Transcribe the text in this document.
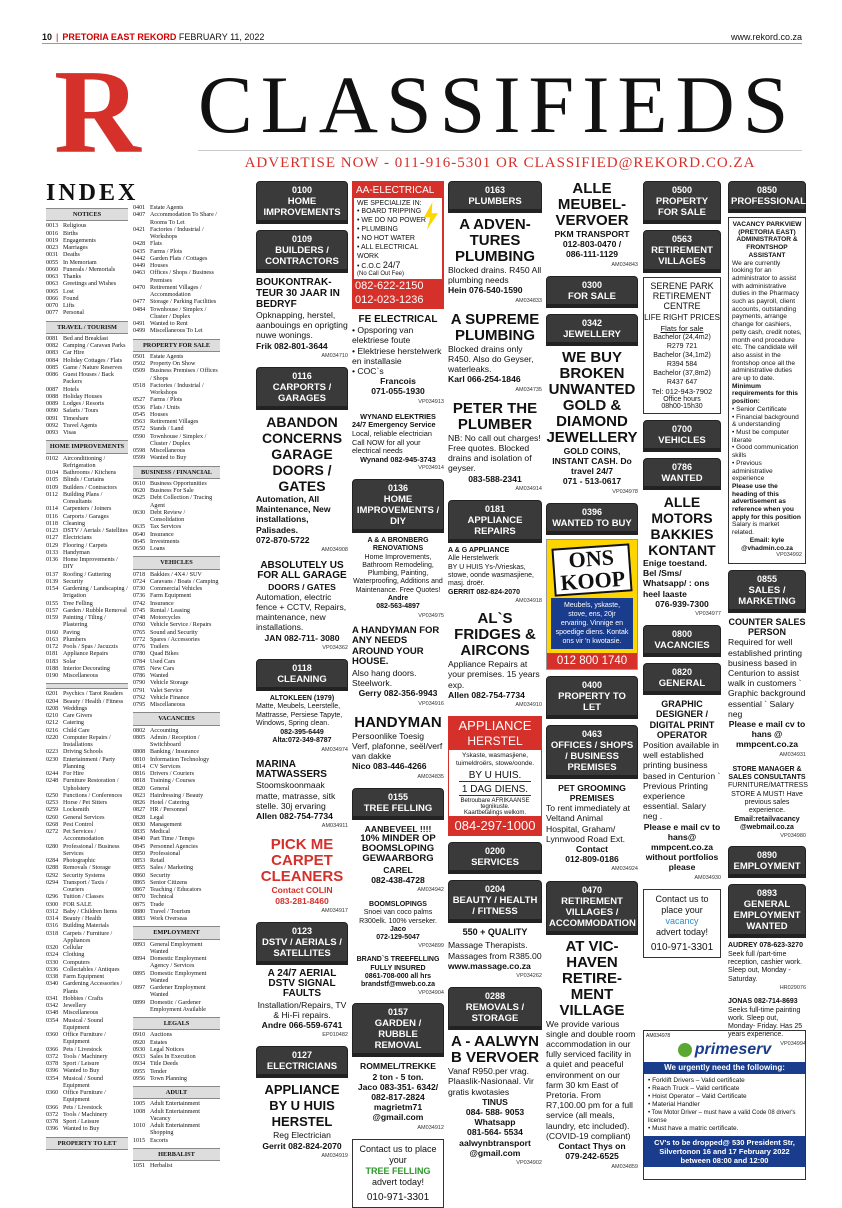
10 | PRETORIA EAST REKORD FEBRUARY 11, 2022	www.rekord.co.za
R CLASSIFIEDS
ADVERTISE NOW - 011-916-5301 OR CLASSIFIED@REKORD.CO.ZA
INDEX
NOTICES
0013 Religious
0016 Births
0019 Engagements
0023 Marriages
0031 Deaths
0055 In Memoriam
0060 Funerals / Memorials
0063 Thanks
0063 Greetings and Wishes
0065 Lost
0066 Found
0070 Lifts
0077 Personal
TRAVEL / TOURISM
0081 Bed and Breakfast
0082 Camping / Caravan Parks
0083 Car Hire
0084 Holiday Cottages / Flats
0085 Game / Nature Reserves
0086 Guest Houses / Back Packers
0087 Hotels
0088 Holiday Houses
0089 Lodges / Resorts
0090 Safaris / Tours
0091 Timeshare
0092 Travel Agents
0093 Visas
HOME IMPROVEMENTS
0102 Airconditioning / Refrigeration
0104 Bathrooms / Kitchens
0105 Blinds / Curtains
0109 Builders / Contractors
0112 Building Plans / Consultants
0114 Carpenters / Joiners
0116 Carports / Garages
0118 Cleaning
0123 DSTV / Aerials / Satellites
0127 Electricians
0129 Flooring / Carpets
0133 Handyman
0136 Home Improvements / DIY
0137 Roofing / Guttering
0139 Security
0154 Gardening / Landscaping / Irrigation
0155 Tree Felling
0157 Garden / Rubble Removal
0159 Painting / Tiling / Plastering
0160 Paving
0163 Plumbers
0172 Pools / Spas / Jacuzzis
0181 Appliance Repairs
0183 Solar
0188 Interior Decorating
0190 Miscellaneous
0201 Psychics / Tarot Readers
0204 Beauty / Health / Fitness
0208 Weddings
0210 Care Givers
0212 Catering
0216 Child Care
0220 Computer Repairs / Installations
0223 Driving Schools
0230 Entertainment / Party Planning
0244 For Hire
0248 Furniture Restoration / Upholstery
0250 Functions / Conferences
0253 Horse / Pet Sitters
0259 Locksmith
0260 General Services
0268 Pest Control
0272 Pet Services / Accommodation
0280 Professional / Business Services
0284 Photographic
0288 Removals / Storage
0292 Security Systems
0294 Transport / Taxis / Couriers
0296 Tuition / Classes
0300 FOR SALE
0312 Baby / Children Items
0314 Beauty / Health
0316 Building Materials
0318 Carpets / Furniture / Appliances
0320 Cellular
0324 Clothing
0330 Computers
0336 Collectables / Antiques
0338 Farm Equipment
0340 Gardening Accessories / Plants
0341 Hobbies / Crafts
0342 Jewellery
0348 Miscellaneous
0354 Musical / Sound Equipment
0360 Office Furniture / Equipment
0366 Pets / Livestock
0372 Tools / Machinery
0378 Sport / Leisure
0396 Wanted to Buy
0354 Musical / Sound Equipment
0360 Office Furniture / Equipment
0366 Pets / Livestock
0372 Tools / Machinery
0378 Sport / Leisure
0396 Wanted to Buy
PROPERTY TO LET
0401 Estate Agents
0407 Accommodation To Share / Rooms To Let
0421 Factories / Industrial / Workshops
0428 Flats
0435 Farms / Plots
0442 Garden Flats / Cottages
0449 Houses
0463 Offices / Shops / Business Premises
0470 Retirement Villages / Accommodation
0477 Storage / Parking Facilities
0484 Townhouse / Simplex / Cluster / Duplex
0491 Wanted to Rent
0499 Miscellaneous To Let
PROPERTY FOR SALE
0501 Estate Agents
0502 Property On Show
0509 Business Premises / Offices / Shops
0518 Factories / Industrial / Workshops
0527 Farms / Plots
0536 Flats / Units
0545 Houses
0563 Retirement Villages
0572 Stands / Land
0590 Townhouse / Simplex / Cluster / Duplex
0598 Miscellaneous
0599 Wanted to Buy
BUSINESS / FINANCIAL
0610 Business Opportunities
0620 Business For Sale
0625 Debt Collection / Tracing Agent
0630 Debt Review / Consolidation
0635 Tax Services
0640 Insurance
0645 Investments
0650 Loans
VEHICLES
0718 Bakkies / 4X4 / SUV
0724 Caravans / Boats / Camping
0730 Commercial Vehicles
0736 Farm Equipment
0742 Insurance
0745 Rental / Leasing
0748 Motorcycles
0760 Vehicle Service / Repairs
0765 Sound and Security
0772 Spares / Accessories
0776 Trailers
0780 Quad Bikes
0784 Used Cars
0785 New Cars
0786 Wanted
0790 Vehicle Storage
0791 Valet Service
0792 Vehicle Finance
0795 Miscellaneous
VACANCIES
0802 Accounting
0805 Admin / Reception / Switchboard
0808 Banking / Insurance
0810 Information Technology
0814 CV Services
0816 Drivers / Couriers
0818 Training / Courses
0820 General
0823 Hairdressing / Beauty
0826 Hotel / Catering
0827 HR / Personnel
0828 Legal
0830 Management
0835 Medical
0840 Part Time / Temps
0845 Personnel Agencies
0850 Professional
0853 Retail
0855 Sales / Marketing
0860 Security
0865 Senior Citizens
0867 Teaching / Educators
0870 Technical
0875 Trade
0880 Travel / Tourism
0883 Work Overseas
EMPLOYMENT
0893 General Employment Wanted
0894 Domestic Employment Agency / Services
0895 Domestic Employment Wanted
0897 Gardener Employment Wanted
0899 Domestic / Gardener Employment Available
LEGALS
0910 Auctions
0920 Estates
0930 Legal Notices
0933 Sales In Execution
0934 Title Deeds
0955 Tender
0956 Town Planning
ADULT
1005 Adult Entertainment
1008 Adult Entertainment Vacancy
1010 Adult Entertainment Shopping
1015 Escorts
HERBALIST
1051 Herbalist
0100
HOME IMPROVEMENTS
0109
BUILDERS / CONTRACTORS
BOUKONTRAK-TEUR 30 JAAR IN BEDRYF
Opknapping, herstel, aanbouings en oprigting nuwe wonings.
Frik 082-801-3644
AM034710
0116
CARPORTS / GARAGES
ABANDON CONCERNS GARAGE DOORS / GATES
Automation, All Maintenance, New installations, Palisades.
072-870-5722
AM034908
ABSOLUTELY US FOR ALL GARAGE
DOORS / GATES
Automation, electric fence + CCTV, Repairs, maintenance, new installations.
JAN 082-711- 3080
VP034362
0118
CLEANING
ALTOKLEEN (1979)
Matte, Meubels, Leerstelle, Mattrasse, Persiese Tapyte, Windows, Spring clean.
082-395-6449
Alta:072-349-8787
AM034974
MARINA MATWASSERS
Stoomskoonmaak matte, matrasse, sitk stelle. 30j ervaring
Allen 082-754-7734
AM034911
PICK ME CARPET CLEANERS
Contact COLIN
083-281-8460
AM034917
0123
DSTV / AERIALS / SATELLITES
A 24/7 AERIAL DSTV SIGNAL FAULTS
Installation/Repairs, TV & Hi-Fi repairs.
Andre 066-559-6741
EP010482
0127
ELECTRICIANS
APPLIANCE BY U HUIS HERSTEL
Reg Electrician
Gerrit 082-824-2070
AM034919
AA-ELECTRICAL
WE SPECIALIZE IN:
• BOARD TRIPPING
• WE DO NO POWER
• PLUMBING
• NO HOT WATER
• ALL ELECTRICAL WORK
• C.O.C 24/7
(No Call Out Fee)
082-622-2150
012-023-1236
FE ELECTRICAL
• Opsporing van elektriese foute
• Elektriese herstelwerk en installasie
• COC`s
Francois
071-055-1930
VP034913
WYNAND ELEKTRIES
24/7 Emergency Service
Local, reliable electrician
Call NOW for all your electrical needs
Wynand 082-945-3743
VP034914
0136
HOME IMPROVEMENTS / DIY
A & A BRONBERG RENOVATIONS
Home Improvements, Bathroom Remodeling, Plumbing, Painting, Waterproofing, Additions and Maintenance. Free Quotes!
Andre
082-563-4897
VP034975
A HANDYMAN FOR ANY NEEDS AROUND YOUR HOUSE.
Also hang doors. Steelwork.
Gerry 082-356-9943
VP034916
HANDYMAN
Persoonlike Toesig Verf, plafonne, seël/verf van dakke
Nico 083-446-4266
AM034835
0155
TREE FELLING
AANBEVEEL !!!!
10% MINDER OP BOOMSLOPING GEWAARBORG
CAREL
082-438-4728
AM034942
BOOMSLOPINGS
Snoei van coco palms R300elk. 100% verseker.
Jaco
072-129-5047
VP034899
BRAND`S TREEFELLING FULLY INSURED
0861-708-000 all hrs
brandstf@mweb.co.za
VP034904
0157
GARDEN / RUBBLE REMOVAL
ROMMEL/TREKKE
2 ton - 5 ton.
Jaco 083-351- 6342/
082-817-2824
magrietm71
@gmail.com
AM034912
Contact us to place your
TREE FELLING
advert today!
010-971-3301
0163
PLUMBERS
A ADVEN-TURES PLUMBING
Blocked drains. R450 All plumbing needs
Hein 076-540-1590
AM034833
A SUPREME PLUMBING
Blocked drains only R450. Also do Geyser, waterleaks.
Karl 066-254-1846
AM034735
PETER THE PLUMBER
NB: No call out charges! Free quotes. Blocked drains and isolation of geyser.
083-588-2341
AM034914
0181
APPLIANCE REPAIRS
A & G APPLIANCE
Alle Herstelwerk
BY U HUIS Ys-/Vrieskas, stowe, oonde wasmasjiene, masj. droër.
GERRIT 082-824-2070
AM034918
AL`S FRIDGES & AIRCONS
Appliance Repairs at your premises. 15 years exp.
Allen 082-754-7734
AM034910
APPLIANCE
HERSTEL
Yskaste, wasmasjiene, tuimeldroërs, stowe/oonde.
BY U HUIS.
1 DAG DIENS.
Betroubare AFRIKAANSE tegnikuste.
Kaartbetalings welkom.
084-297-1000
0200
SERVICES
0204
BEAUTY / HEALTH / FITNESS
550 + QUALITY
Massage Therapists. Massages from R385.00
www.massage.co.za
VP034262
0288
REMOVALS / STORAGE
A - AALWYN B VERVOER
Vanaf R950.per vrag. Plaaslik-Nasionaal. Vir gratis kwotasies
TINUS
084- 588- 9053
Whatsapp
081-564- 5534
aalwynbtransport
@gmail.com
VP034902
ALLE MEUBEL-VERVOER
PKM TRANSPORT
012-803-0470 /
086-111-1129
AM034843
0300
FOR SALE
0342
JEWELLERY
WE BUY BROKEN UNWANTED GOLD & DIAMOND JEWELLERY
GOLD COINS, INSTANT CASH. Do travel 24/7
071 - 513-0617
VP034978
0396
WANTED TO BUY
ONS KOOP
Meubels, yskaste, stove, ens, 20jr ervaring. Vinnige en spoedige diens. Kontak ons vir 'n kwotasie.
012 800 1740
0400
PROPERTY TO LET
0463
OFFICES / SHOPS / BUSINESS PREMISES
PET GROOMING PREMISES
To rent immediately at Veltand Animal Hospital, Graham/ Lynnwood Road Ext.
Contact
012-809-0186
AM034924
0470
RETIREMENT VILLAGES / ACCOMMODATION
AT VIC-HAVEN RETIRE-MENT VILLAGE
We provide various single and double room accommodation in our fully serviced facility in a quiet and peaceful environment on our farm 30 km East of Pretoria. From R7,100.00 pm for a full service (all meals, laundry, etc included). (COVID-19 compliant)
Contact Thys on
079-242-6525
AM034859
0500
PROPERTY FOR SALE
0563
RETIREMENT VILLAGES
SERENE PARK
RETIREMENT
CENTRE
LIFE RIGHT PRICES
Flats for sale
Bachelor (24,4m2)
R279 721
Bachelor (34,1m2)
R394 584
Bachelor (37,8m2)
R437 647
Tel: 012-943-7902
Office hours
08h00-15h30
0700
VEHICLES
0786
WANTED
ALLE MOTORS BAKKIES KONTANT
Enige toestand. Bel /Sms/ Whatsapp/ : ons heel laaste
076-939-7300
VP034977
0800
VACANCIES
0820
GENERAL
GRAPHIC DESIGNER / DIGITAL PRINT OPERATOR
Position available in well established printing business based in Centurion ` Previous Printing experience essential. Salary neg .
Please e mail cv to hans@
mmpcent.co.za
without portfolios please
AM034930
Contact us to place your
vacancy
advert today!
010-971-3301
0850
PROFESSIONAL
VACANCY PARKVIEW (PRETORIA EAST) ADMINISTRATOR & FRONTSHOP ASSISTANT
We are currently looking for an administrator to assist with administrative duties in the Pharmacy such as payroll, client accounts, outstanding payments, arrange change for cashiers, petty cash, credit notes, month end procedure etc. The candidate will also assist in the frontshop once all the administrative duties are up to date.
Minimum requirements for this position:
• Senior Certificate
• Financial background & understanding
• Must be computer literate
• Good communication skills
• Previous administrative experience
Please use the heading of this advertisement as reference when you apply for this position
Salary is market related.
Email: kyle @vhadmin.co.za
VP034992
0855
SALES / MARKETING
COUNTER SALES PERSON
Required for well established printing business based in Centurion to assist walk in customers ` Graphic background essential ` Salary neg
Please e mail cv to hans @
mmpcent.co.za
AM034931
STORE MANAGER & SALES CONSULTANTS
FURNITURE/MATTRESS STORE A MUST! Have previous sales experience.
Email:retailvacancy
@webmail.co.za
VP034980
0890
EMPLOYMENT
0893
GENERAL EMPLOYMENT WANTED
AUDREY 078-623-3270
Seek full /part-time reception, cashier work. Sleep out, Monday - Saturday.
HR029076
JONAS 082-714-8693
Seeks full-time painting work. Sleep out, Monday- Friday. Has 25 years experience.
VP034994
AM034978
primeserv
We urgently need the following:
• Forklift Drivers – Valid certificate
• Reach Truck – Valid certificate
• Hoist Operator – Valid Certificate
• Material Handler
• Tow Motor Driver – must have a valid Code 08 driver's license
• Must have a matric certificate.
CV's to be dropped@ 530 President Str,
Silvertonon 16 and 17 February 2022
between 08:00 and 12:00
